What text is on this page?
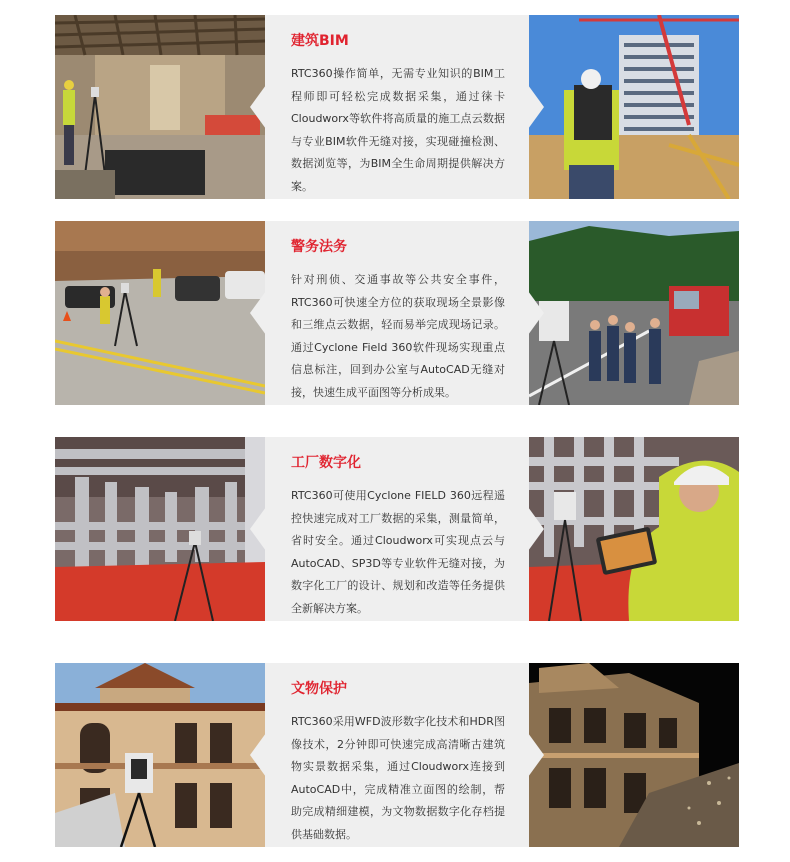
建筑BIM

RTC360操作简单，无需专业知识的BIM工程师即可轻松完成数据采集，通过徕卡Cloudworx等软件将高质量的施工点云数据与专业BIM软件无缝对接，实现碰撞检测、数据浏览等，为BIM全生命周期提供解决方案。

警务法务

针对刑侦、交通事故等公共安全事件，RTC360可快速全方位的获取现场全景影像和三维点云数据，轻而易举完成现场记录。通过Cyclone Field 360软件现场实现重点信息标注，回到办公室与AutoCAD无缝对接，快速生成平面图等分析成果。

工厂数字化

RTC360可使用Cyclone FIELD 360远程遥控快速完成对工厂数据的采集，测量简单，省时安全。通过Cloudworx可实现点云与AutoCAD、SP3D等专业软件无缝对接，为数字化工厂的设计、规划和改造等任务提供全新解决方案。

文物保护

RTC360采用WFD波形数字化技术和HDR图像技术，2分钟即可快速完成高清晰古建筑物实景数据采集，通过Cloudworx连接到AutoCAD中，完成精准立面图的绘制，帮助完成精细建模，为文物数据数字化存档提供基础数据。
